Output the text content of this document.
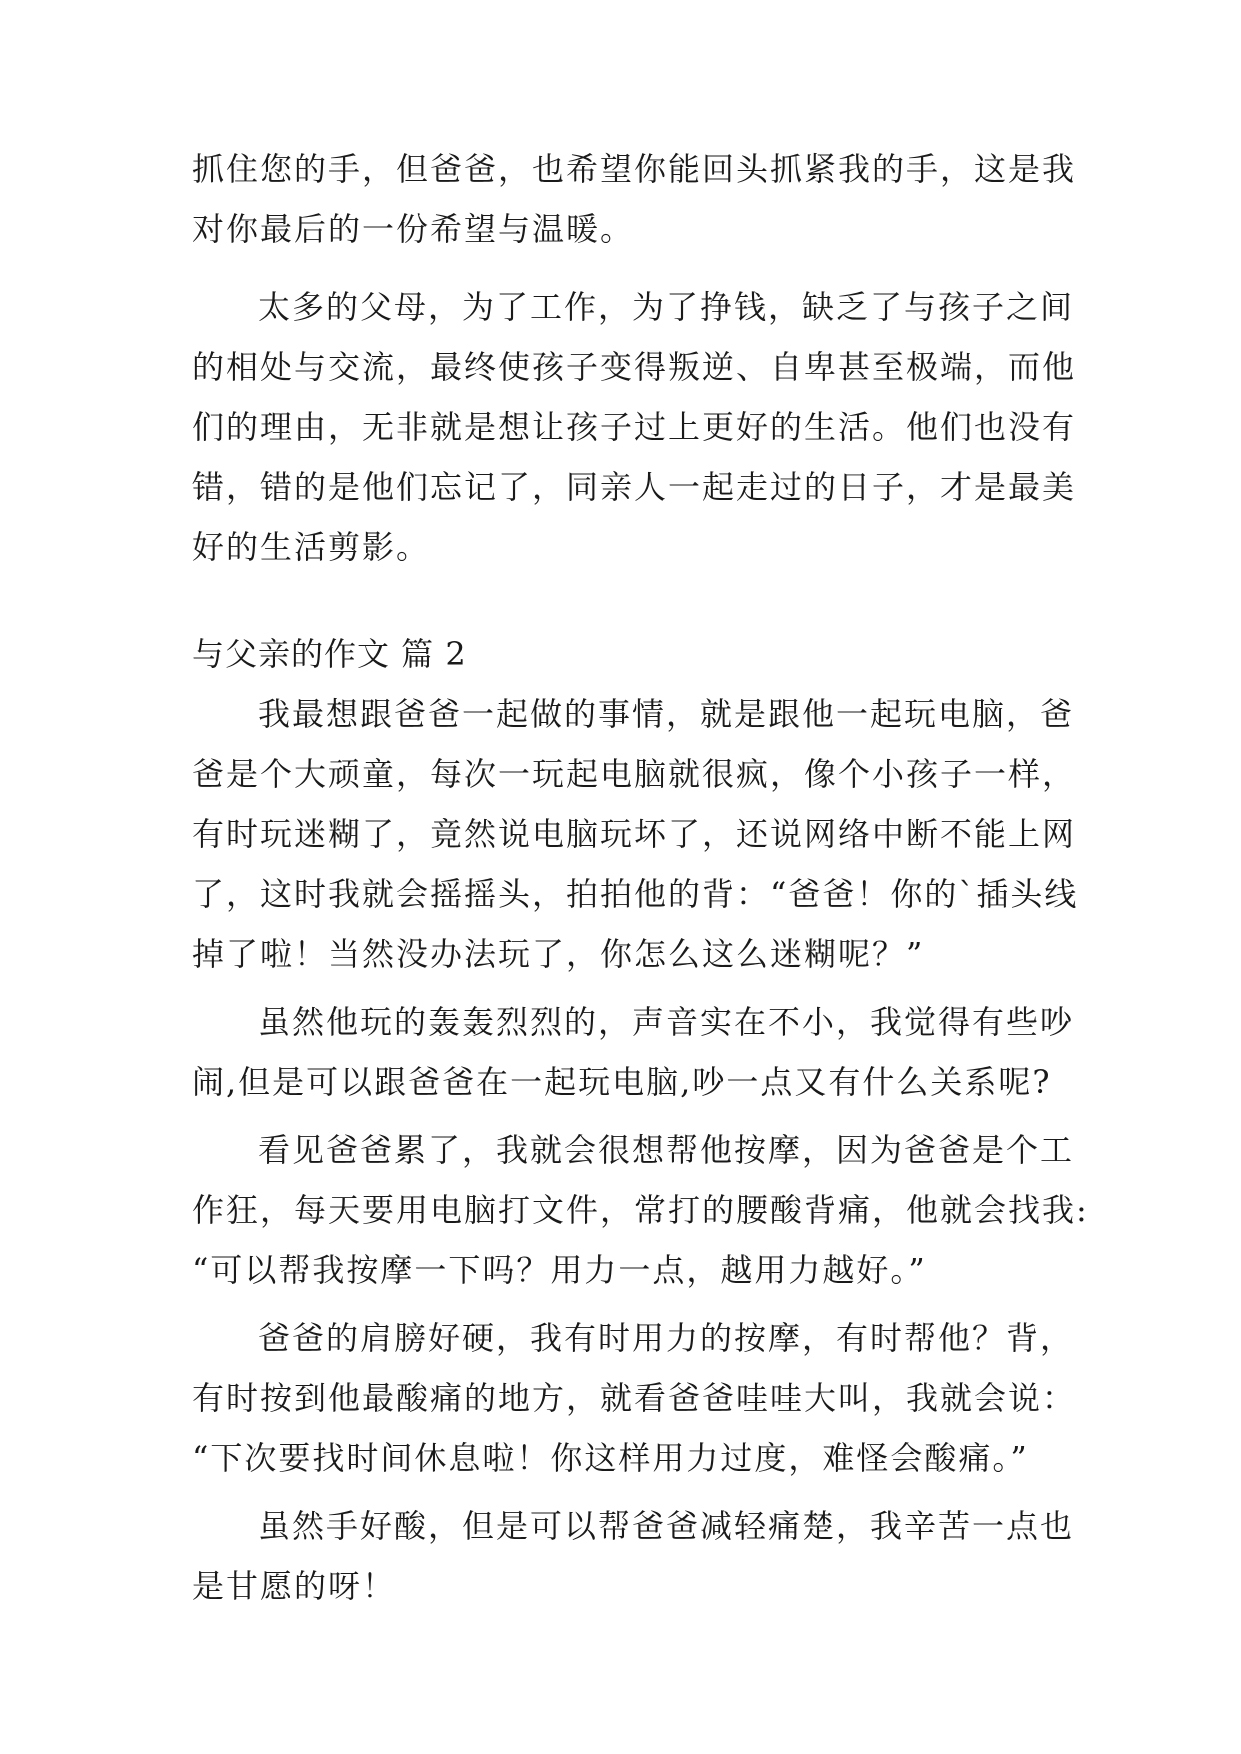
抓住您的手，但爸爸，也希望你能回头抓紧我的手，这是我
对你最后的一份希望与温暖。
太多的父母，为了工作，为了挣钱，缺乏了与孩子之间
的相处与交流，最终使孩子变得叛逆、自卑甚至极端，而他
们的理由，无非就是想让孩子过上更好的生活。他们也没有
错，错的是他们忘记了，同亲人一起走过的日子，才是最美
好的生活剪影。
与父亲的作文 篇 2
我最想跟爸爸一起做的事情，就是跟他一起玩电脑，爸
爸是个大顽童，每次一玩起电脑就很疯，像个小孩子一样，
有时玩迷糊了，竟然说电脑玩坏了，还说网络中断不能上网
了，这时我就会摇摇头，拍拍他的背：“爸爸！你的`插头线
掉了啦！当然没办法玩了，你怎么这么迷糊呢？”
虽然他玩的轰轰烈烈的，声音实在不小，我觉得有些吵
闹,但是可以跟爸爸在一起玩电脑,吵一点又有什么关系呢?
看见爸爸累了，我就会很想帮他按摩，因为爸爸是个工
作狂，每天要用电脑打文件，常打的腰酸背痛，他就会找我:
“可以帮我按摩一下吗？用力一点，越用力越好。”
爸爸的肩膀好硬，我有时用力的按摩，有时帮他？背，
有时按到他最酸痛的地方，就看爸爸哇哇大叫，我就会说：
“下次要找时间休息啦！你这样用力过度，难怪会酸痛。”
虽然手好酸，但是可以帮爸爸减轻痛楚，我辛苦一点也
是甘愿的呀！
